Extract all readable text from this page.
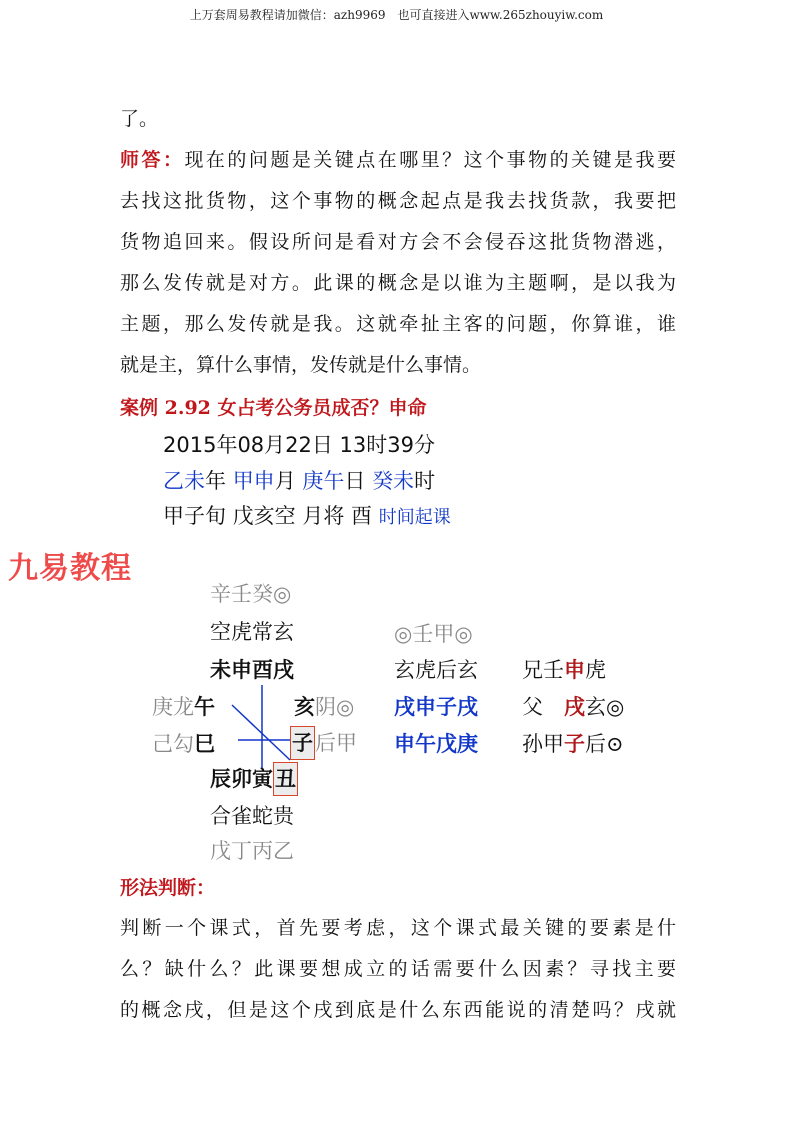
上万套周易教程请加微信：azh9969　也可直接进入www.265zhouyiw.com
了。
师答：现在的问题是关键点在哪里？这个事物的关键是我要
去找这批货物，这个事物的概念起点是我去找货款，我要把
货物追回来。假设所问是看对方会不会侵吞这批货物潜逃，
那么发传就是对方。此课的概念是以谁为主题啊，是以我为
主题，那么发传就是我。这就牵扯主客的问题，你算谁，谁
就是主，算什么事情，发传就是什么事情。
案例 2.92 女占考公务员成否？申命
2015年08月22日 13时39分
乙未年 甲申月 庚午日 癸未时
甲子旬 戊亥空 月将 酉 时间起课
九易教程
辛壬癸◎
空虎常玄
未申酉戌
庚龙午	亥阴◎
己勾巳	子后甲
辰卯寅丑
合雀蛇贵
戊丁丙乙
◎壬甲◎
玄虎后玄
戌申子戌
申午戊庚
兄壬申虎
父　戌玄◎
孙甲子后⊙
形法判断：
判断一个课式，首先要考虑，这个课式最关键的要素是什
么？缺什么？此课要想成立的话需要什么因素？寻找主要
的概念戌，但是这个戌到底是什么东西能说的清楚吗？戌就
